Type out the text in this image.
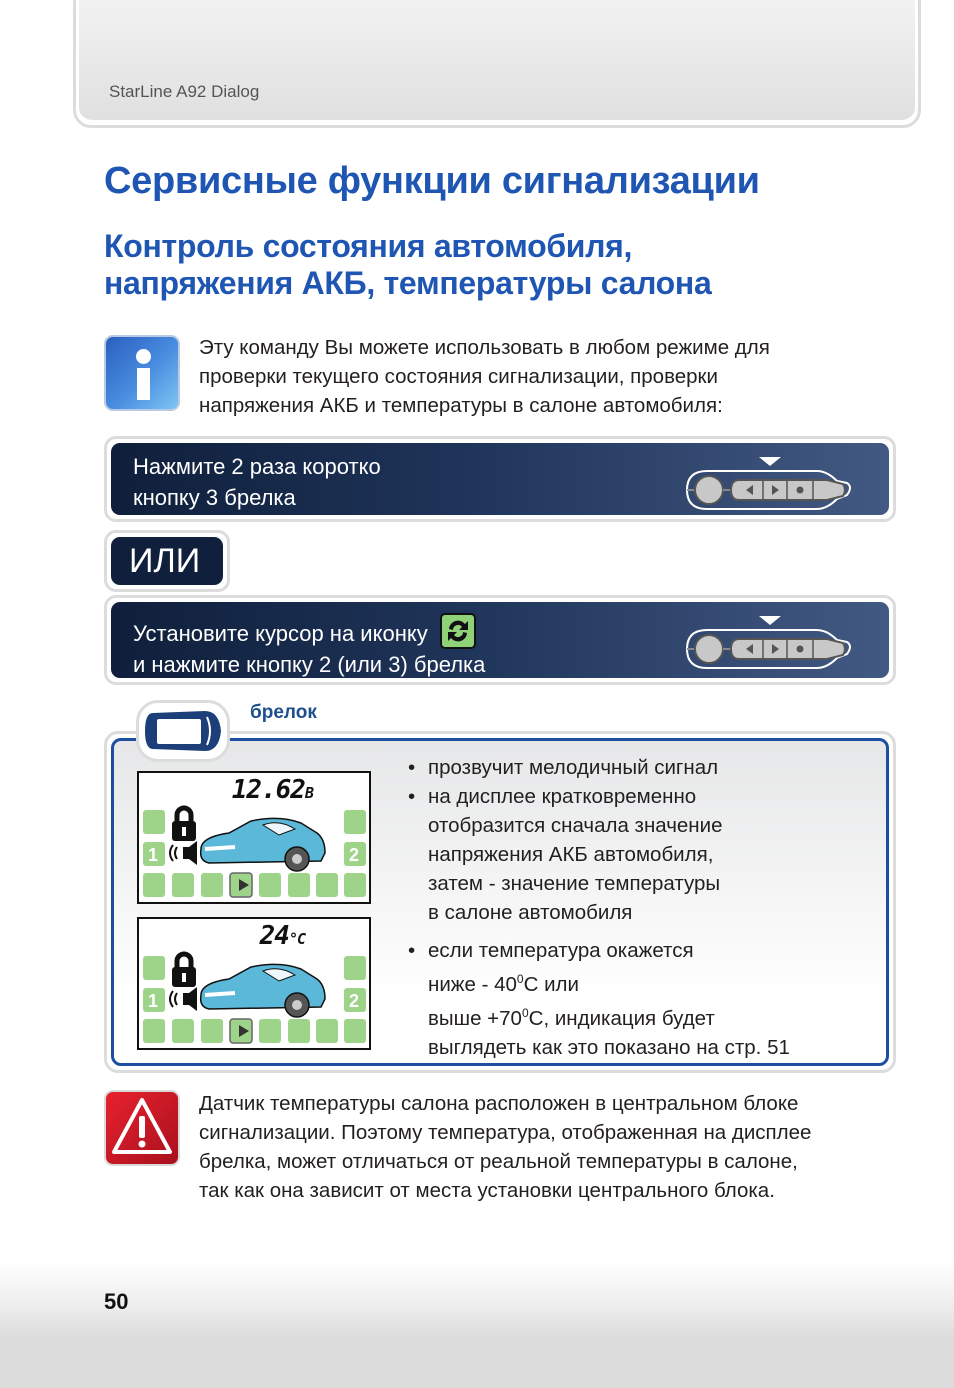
StarLine A92 Dialog
Сервисные функции сигнализации
Контроль состояния автомобиля,
напряжения АКБ, температуры салона

Эту команду Вы можете использовать в любом режиме для
проверки текущего состояния сигнализации, проверки
напряжения АКБ и температуры в салоне автомобиля:

Нажмите 2 раза коротко
кнопку 3 брелка
ИЛИ
Установите курсор на иконку

и нажмите кнопку 2 (или 3) брелка
брелок
12.62В
1	2
24°С
1	2
• прозвучит мелодичный сигнал
• на дисплее кратковременно
отобразится сначала значение
напряжения АКБ автомобиля,
затем - значение температуры
в салоне автомобиля
• если температура окажется
ниже - $40^0С$ или
выше $+70^0С$, индикация будет
выглядеть как это показано на стр. 51

Датчик температуры салона расположен в центральном блоке
сигнализации. Поэтому температура, отображенная на дисплее
брелка, может отличаться от реальной температуры в салоне,
так как она зависит от места установки центрального блока.

50
